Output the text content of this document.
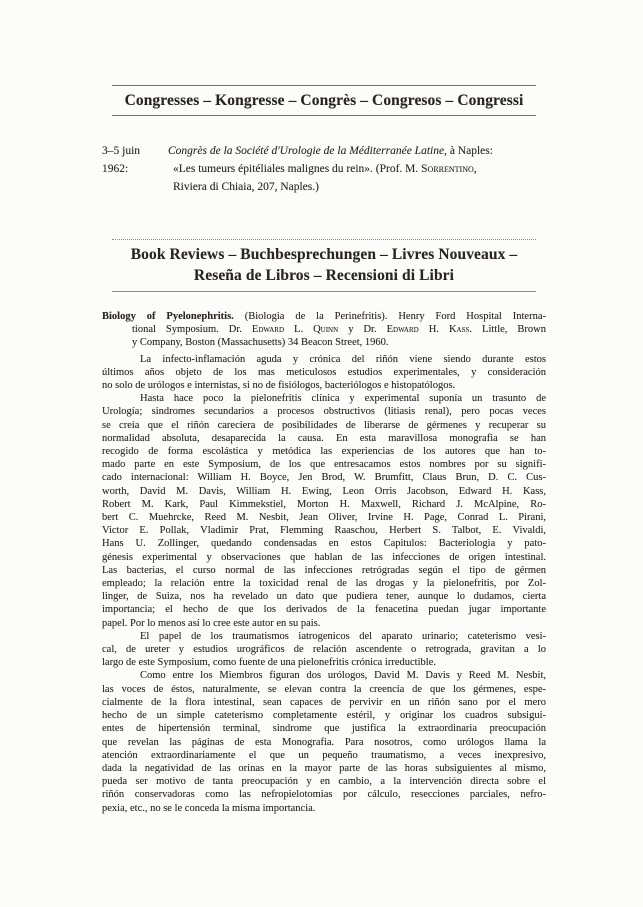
Congresses – Kongresse – Congrès – Congresos – Congressi
3–5 juin 1962:
Congrès de la Société d'Urologie de la Méditerranée Latine, à Naples:
«Les tumeurs épitéliales malignes du rein». (Prof. M. Sorrentino,
Riviera di Chiaia, 207, Naples.)
Book Reviews – Buchbesprechungen – Livres Nouveaux –
Reseña de Libros – Recensioni di Libri
Biology of Pyelonephritis. (Biologia de la Perinefritis). Henry Ford Hospital Interna-
tional Symposium. Dr. Edward L. Quinn y Dr. Edward H. Kass. Little, Brown
y Company, Boston (Massachusetts) 34 Beacon Street, 1960.
La infecto-inflamación aguda y crónica del riñón viene siendo durante estos
últimos años objeto de los mas meticulosos estudios experimentales, y consideración
no solo de urólogos e internistas, si no de fisiólogos, bacteriólogos e histopatólogos.
Hasta hace poco la pielonefritis clínica y experimental suponía un trasunto de
Urología; sindromes secundarios a procesos obstructivos (litiasis renal), pero pocas veces
se creia que el riñón careciera de posibilidades de liberarse de gérmenes y recuperar su
normalidad absoluta, desaparecida la causa. En esta maravillosa monografia se han
recogido de forma escolástica y metódica las experiencias de los autores que han to-
mado parte en este Symposium, de los que entresacamos estos nombres por su signifi-
cado internacional: William H. Boyce, Jen Brod, W. Brumfitt, Claus Brun, D. C. Cus-
worth, David M. Davis, William H. Ewing, Leon Orris Jacobson, Edward H. Kass,
Robert M. Kark, Paul Kimmekstiel, Morton H. Maxwell, Richard J. McAlpine, Ro-
bert C. Muehrcke, Reed M. Nesbit, Jean Oliver, Irvine H. Page, Conrad L. Pirani,
Victor E. Pollak, Vladimir Prat, Flemming Raaschou, Herbert S. Talbot, E. Vivaldi,
Hans U. Zollinger, quedando condensadas en estos Capitulos: Bacteriologia y pato-
génesis experimental y observaciones que hablan de las infecciones de origen intestinal.
Las bacterias, el curso normal de las infecciones retrógradas según el tipo de gérmen
empleado; la relación entre la toxicidad renal de las drogas y la pielonefritis, por Zol-
linger, de Suiza, nos ha revelado un dato que pudiera tener, aunque lo dudamos, cierta
importancia; el hecho de que los derivados de la fenacetina puedan jugar importante
papel. Por lo menos así lo cree este autor en su pais.
El papel de los traumatismos iatrogenicos del aparato urinario; cateterismo vesi-
cal, de ureter y estudios urográficos de relación ascendente o retrograda, gravitan a lo
largo de este Symposium, como fuente de una pielonefritis crónica irreductible.
Como entre los Miembros figuran dos urólogos, David M. Davis y Reed M. Nesbit,
las voces de éstos, naturalmente, se elevan contra la creencia de que los gérmenes, espe-
cialmente de la flora intestinal, sean capaces de pervivir en un riñón sano por el mero
hecho de un simple cateterismo completamente estéril, y originar los cuadros subsigui-
entes de hipertensión terminal, sindrome que justifica la extraordinaria preocupación
que revelan las páginas de esta Monografia. Para nosotros, como urólogos llama la
atención extraordinariamente el que un pequeño traumatismo, a veces inexpresivo,
dada la negatividad de las orinas en la mayor parte de las horas subsiguientes al mismo,
pueda ser motivo de tanta preocupación y en cambio, a la intervención directa sobre el
riñón conservadoras como las nefropielotomias por cálculo, resecciones parciales, nefro-
pexia, etc., no se le conceda la misma importancia.
